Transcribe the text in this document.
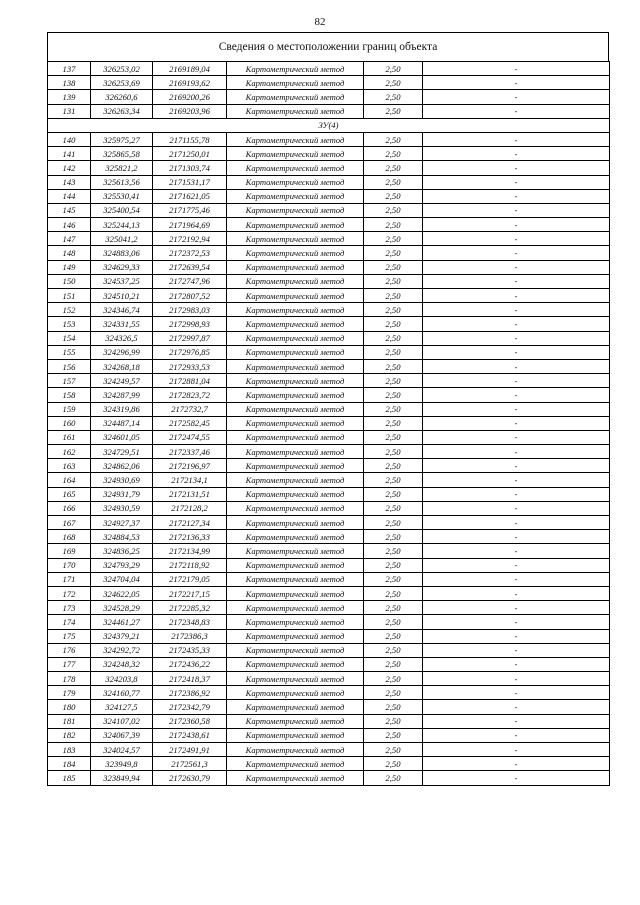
82
Сведения о местоположении границ объекта
137	326253,02	2169189,04	Картометрический метод	2,50	-
138	326253,69	2169193,62	Картометрический метод	2,50	-
139	326260,6	2169200,26	Картометрический метод	2,50	-
131	326263,34	2169203,96	Картометрический метод	2,50	-
ЗУ(4)					
140	325975,27	2171155,78	Картометрический метод	2,50	-
141	325865,58	2171250,01	Картометрический метод	2,50	-
142	325821,2	2171303,74	Картометрический метод	2,50	-
143	325613,56	2171531,17	Картометрический метод	2,50	-
144	325530,41	2171621,05	Картометрический метод	2,50	-
145	325400,54	2171775,46	Картометрический метод	2,50	-
146	325244,13	2171964,69	Картометрический метод	2,50	-
147	325041,2	2172192,94	Картометрический метод	2,50	-
148	324883,06	2172372,53	Картометрический метод	2,50	-
149	324629,33	2172639,54	Картометрический метод	2,50	-
150	324537,25	2172747,96	Картометрический метод	2,50	-
151	324510,21	2172807,52	Картометрический метод	2,50	-
152	324346,74	2172983,03	Картометрический метод	2,50	-
153	324331,55	2172998,93	Картометрический метод	2,50	-
154	324326,5	2172997,87	Картометрический метод	2,50	-
155	324296,99	2172976,85	Картометрический метод	2,50	-
156	324268,18	2172933,53	Картометрический метод	2,50	-
157	324249,57	2172881,04	Картометрический метод	2,50	-
158	324287,99	2172823,72	Картометрический метод	2,50	-
159	324319,86	2172732,7	Картометрический метод	2,50	-
160	324487,14	2172582,45	Картометрический метод	2,50	-
161	324601,05	2172474,55	Картометрический метод	2,50	-
162	324729,51	2172337,46	Картометрический метод	2,50	-
163	324862,06	2172196,97	Картометрический метод	2,50	-
164	324930,69	2172134,1	Картометрический метод	2,50	-
165	324931,79	2172131,51	Картометрический метод	2,50	-
166	324930,59	2172128,2	Картометрический метод	2,50	-
167	324927,37	2172127,34	Картометрический метод	2,50	-
168	324884,53	2172136,33	Картометрический метод	2,50	-
169	324836,25	2172134,99	Картометрический метод	2,50	-
170	324793,29	2172118,92	Картометрический метод	2,50	-
171	324704,04	2172179,05	Картометрический метод	2,50	-
172	324622,05	2172217,15	Картометрический метод	2,50	-
173	324528,29	2172285,32	Картометрический метод	2,50	-
174	324461,27	2172348,83	Картометрический метод	2,50	-
175	324379,21	2172386,3	Картометрический метод	2,50	-
176	324292,72	2172435,33	Картометрический метод	2,50	-
177	324248,32	2172436,22	Картометрический метод	2,50	-
178	324203,8	2172418,37	Картометрический метод	2,50	-
179	324160,77	2172386,92	Картометрический метод	2,50	-
180	324127,5	2172342,79	Картометрический метод	2,50	-
181	324107,02	2172360,58	Картометрический метод	2,50	-
182	324067,39	2172438,61	Картометрический метод	2,50	-
183	324024,57	2172491,91	Картометрический метод	2,50	-
184	323949,8	2172561,3	Картометрический метод	2,50	-
185	323849,94	2172630,79	Картометрический метод	2,50	-
